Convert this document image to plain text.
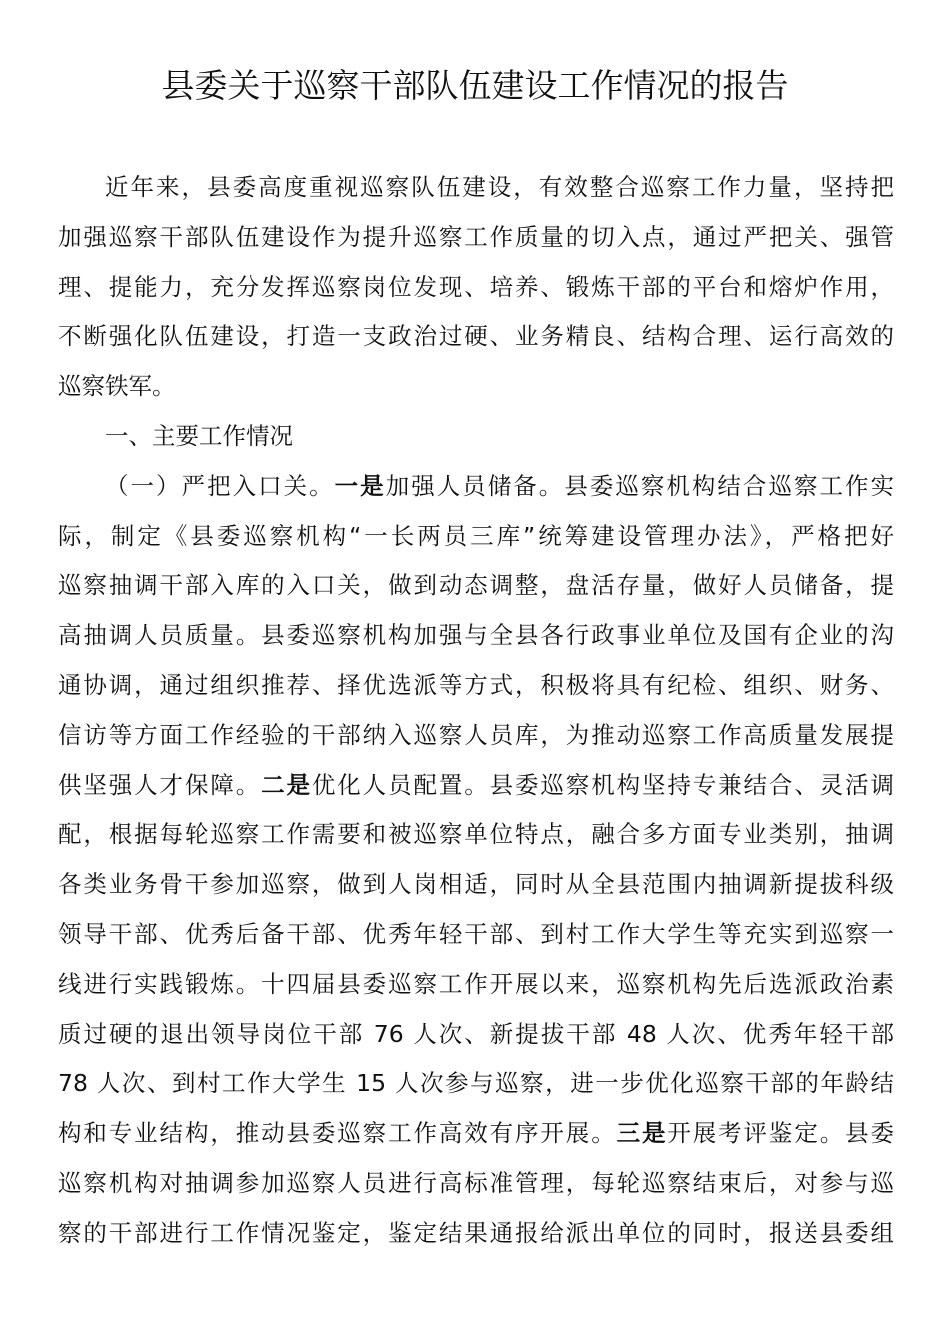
县委关于巡察干部队伍建设工作情况的报告
近年来，县委高度重视巡察队伍建设，有效整合巡察工作力量，坚持把
加强巡察干部队伍建设作为提升巡察工作质量的切入点，通过严把关、强管
理、提能力，充分发挥巡察岗位发现、培养、锻炼干部的平台和熔炉作用，
不断强化队伍建设，打造一支政治过硬、业务精良、结构合理、运行高效的
巡察铁军。
一、主要工作情况
（一）严把入口关。一是加强人员储备。县委巡察机构结合巡察工作实
际，制定《县委巡察机构“一长两员三库”统筹建设管理办法》，严格把好
巡察抽调干部入库的入口关，做到动态调整，盘活存量，做好人员储备，提
高抽调人员质量。县委巡察机构加强与全县各行政事业单位及国有企业的沟
通协调，通过组织推荐、择优选派等方式，积极将具有纪检、组织、财务、
信访等方面工作经验的干部纳入巡察人员库，为推动巡察工作高质量发展提
供坚强人才保障。二是优化人员配置。县委巡察机构坚持专兼结合、灵活调
配，根据每轮巡察工作需要和被巡察单位特点，融合多方面专业类别，抽调
各类业务骨干参加巡察，做到人岗相适，同时从全县范围内抽调新提拔科级
领导干部、优秀后备干部、优秀年轻干部、到村工作大学生等充实到巡察一
线进行实践锻炼。十四届县委巡察工作开展以来，巡察机构先后选派政治素
质过硬的退出领导岗位干部 76 人次、新提拔干部 48 人次、优秀年轻干部
78 人次、到村工作大学生 15 人次参与巡察，进一步优化巡察干部的年龄结
构和专业结构，推动县委巡察工作高效有序开展。三是开展考评鉴定。县委
巡察机构对抽调参加巡察人员进行高标准管理，每轮巡察结束后，对参与巡
察的干部进行工作情况鉴定，鉴定结果通报给派出单位的同时，报送县委组
